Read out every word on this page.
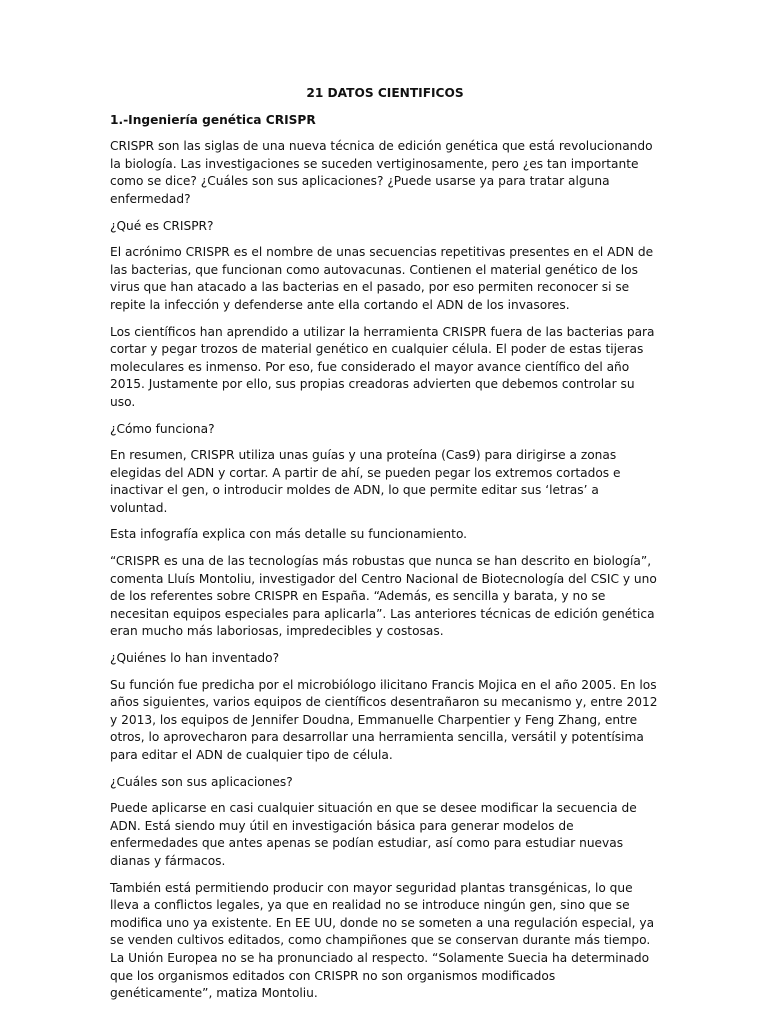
21 DATOS CIENTIFICOS
1.-Ingeniería genética CRISPR
CRISPR son las siglas de una nueva técnica de edición genética que está revolucionando la biología. Las investigaciones se suceden vertiginosamente, pero ¿es tan importante como se dice? ¿Cuáles son sus aplicaciones? ¿Puede usarse ya para tratar alguna enfermedad?
¿Qué es CRISPR?
El acrónimo CRISPR es el nombre de unas secuencias repetitivas presentes en el ADN de las bacterias, que funcionan como autovacunas. Contienen el material genético de los virus que han atacado a las bacterias en el pasado, por eso permiten reconocer si se repite la infección y defenderse ante ella cortando el ADN de los invasores.
Los científicos han aprendido a utilizar la herramienta CRISPR fuera de las bacterias para cortar y pegar trozos de material genético en cualquier célula. El poder de estas tijeras moleculares es inmenso. Por eso, fue considerado el mayor avance científico del año 2015. Justamente por ello, sus propias creadoras advierten que debemos controlar su uso.
¿Cómo funciona?
En resumen, CRISPR utiliza unas guías y una proteína (Cas9) para dirigirse a zonas elegidas del ADN y cortar. A partir de ahí, se pueden pegar los extremos cortados e inactivar el gen, o introducir moldes de ADN, lo que permite editar sus ‘letras’ a voluntad.
Esta infografía explica con más detalle su funcionamiento.
“CRISPR es una de las tecnologías más robustas que nunca se han descrito en biología”, comenta Lluís Montoliu, investigador del Centro Nacional de Biotecnología del CSIC y uno de los referentes sobre CRISPR en España. “Además, es sencilla y barata, y no se necesitan equipos especiales para aplicarla”. Las anteriores técnicas de edición genética eran mucho más laboriosas, impredecibles y costosas.
¿Quiénes lo han inventado?
Su función fue predicha por el microbiólogo ilicitano Francis Mojica en el año 2005. En los años siguientes, varios equipos de científicos desentrañaron su mecanismo y, entre 2012 y 2013, los equipos de Jennifer Doudna, Emmanuelle Charpentier y Feng Zhang, entre otros, lo aprovecharon para desarrollar una herramienta sencilla, versátil y potentísima para editar el ADN de cualquier tipo de célula.
¿Cuáles son sus aplicaciones?
Puede aplicarse en casi cualquier situación en que se desee modificar la secuencia de ADN. Está siendo muy útil en investigación básica para generar modelos de enfermedades que antes apenas se podían estudiar, así como para estudiar nuevas dianas y fármacos.
También está permitiendo producir con mayor seguridad plantas transgénicas, lo que lleva a conflictos legales, ya que en realidad no se introduce ningún gen, sino que se modifica uno ya existente. En EE UU, donde no se someten a una regulación especial, ya se venden cultivos editados, como champiñones que se conservan durante más tiempo. La Unión Europea no se ha pronunciado al respecto. “Solamente Suecia ha determinado que los organismos editados con CRISPR no son organismos modificados genéticamente”, matiza Montoliu.
